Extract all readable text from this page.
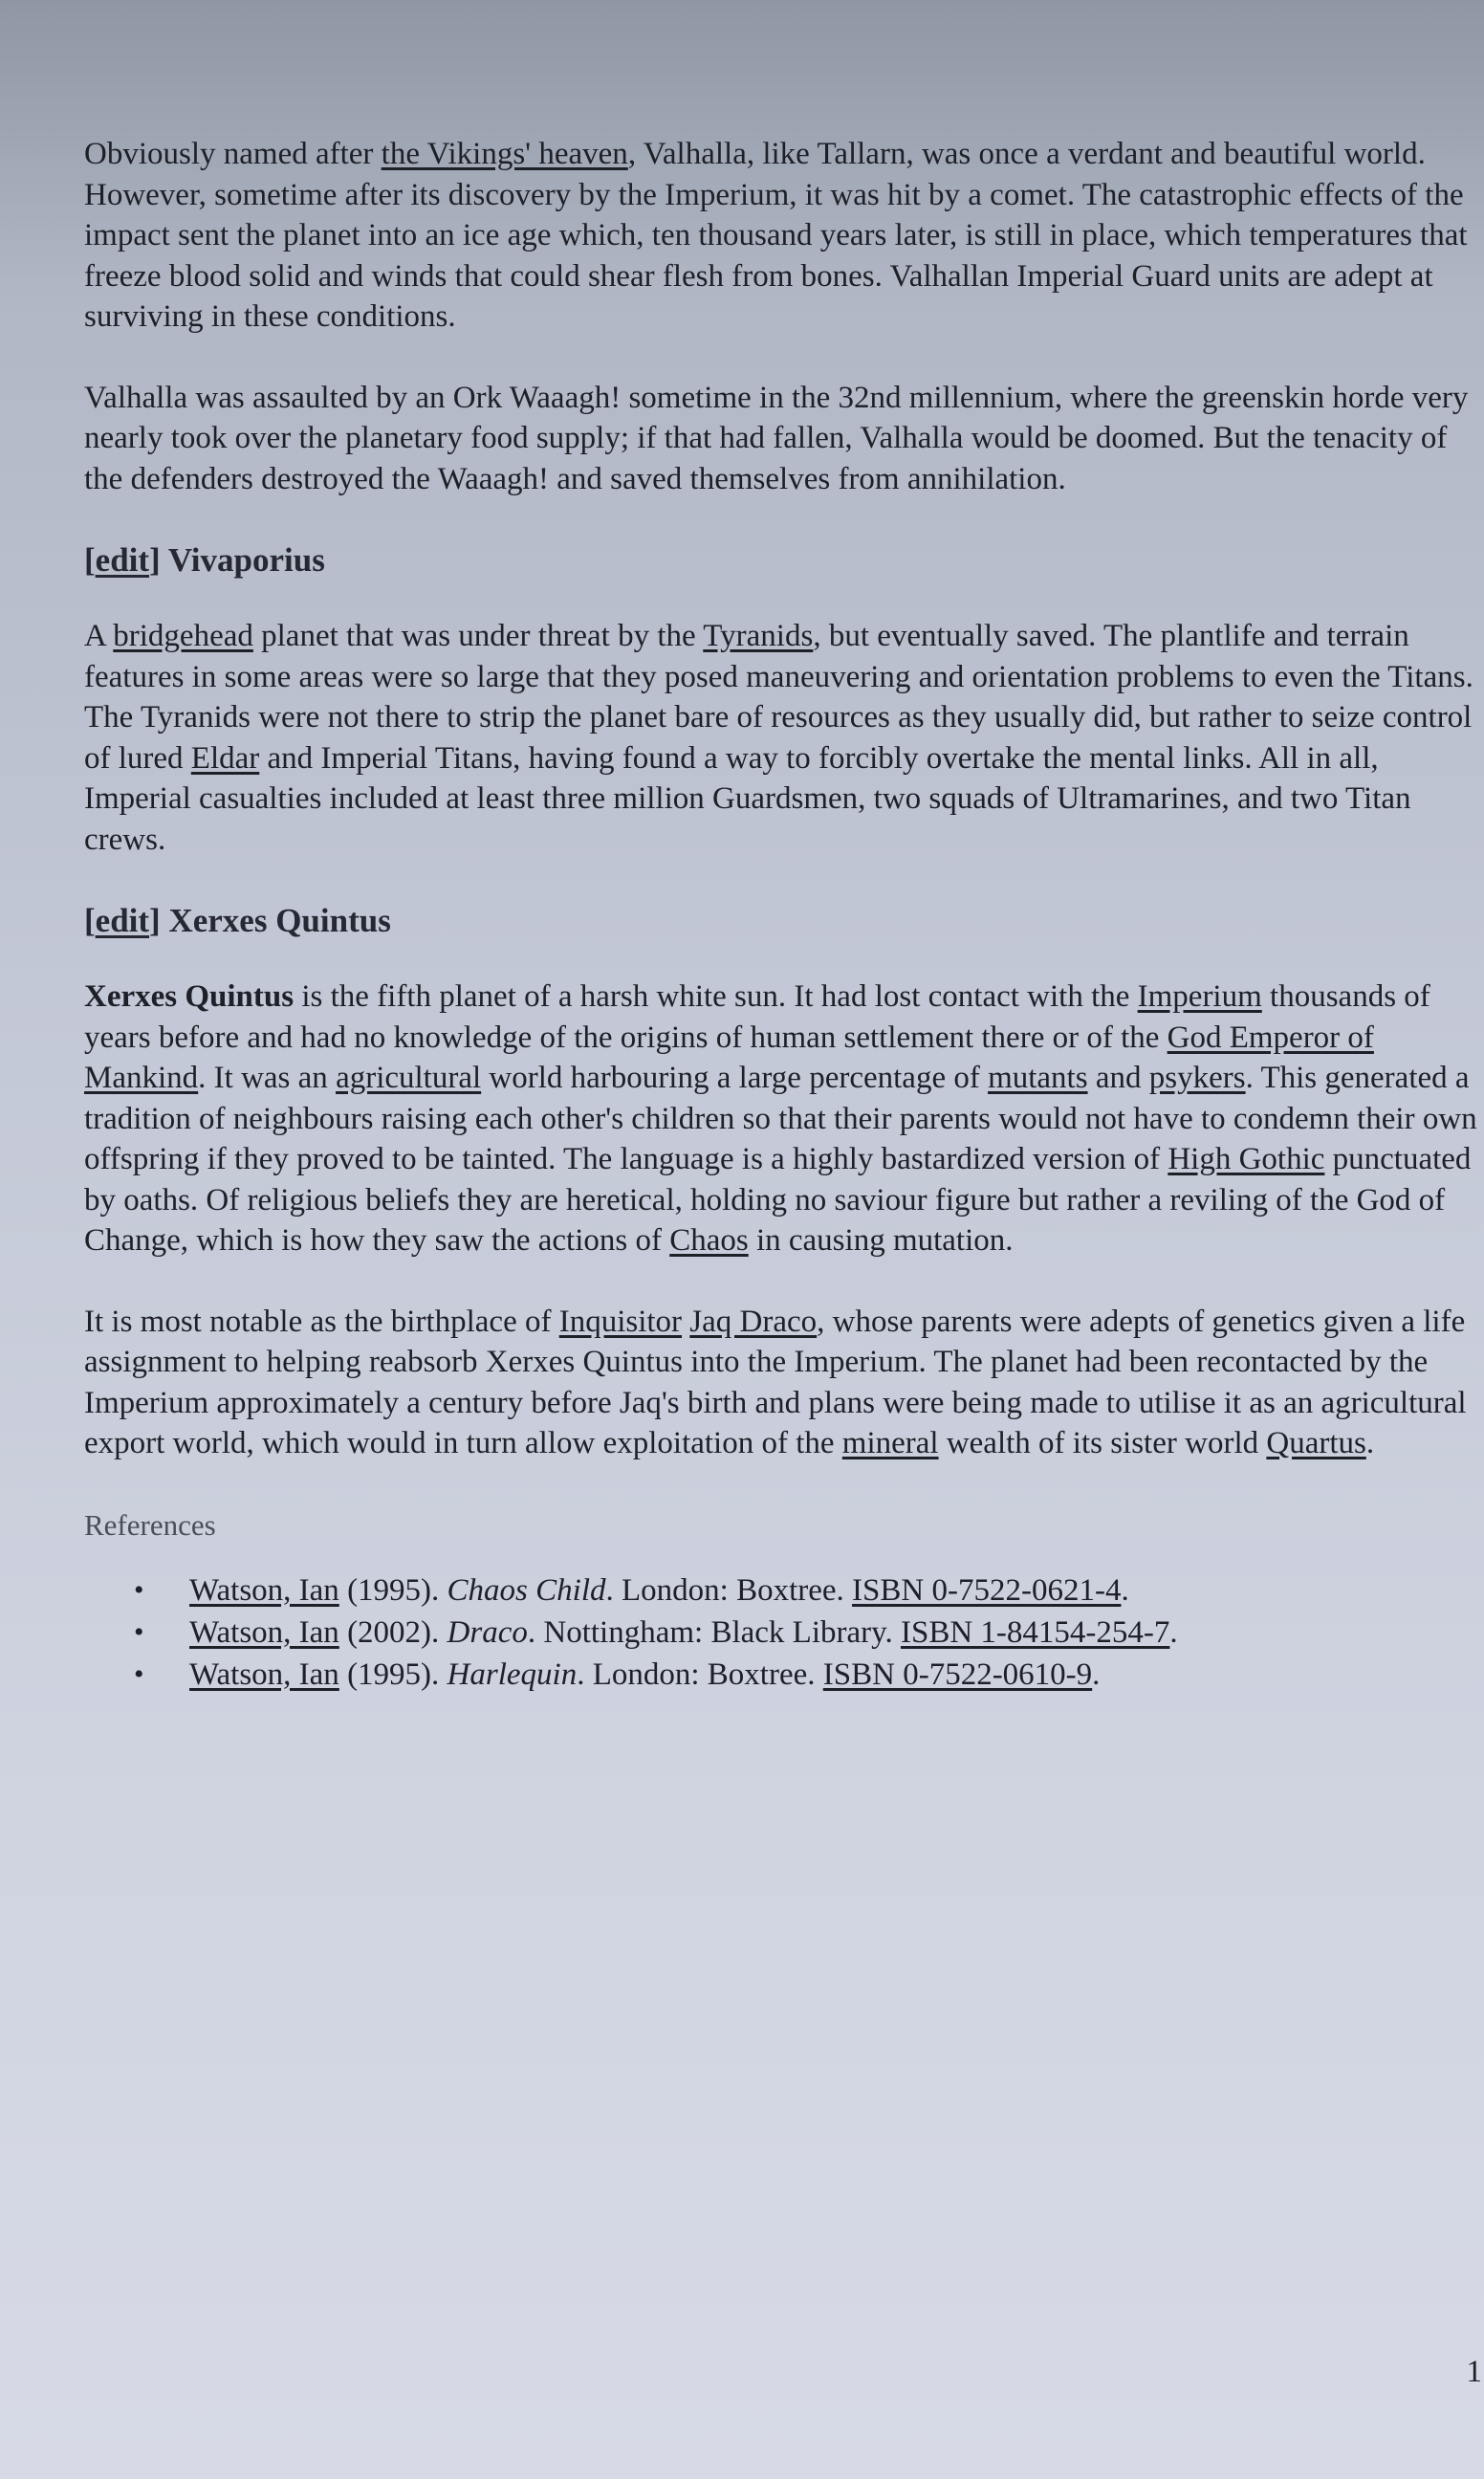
Obviously named after the Vikings' heaven, Valhalla, like Tallarn, was once a verdant and beautiful world. However, sometime after its discovery by the Imperium, it was hit by a comet. The catastrophic effects of the impact sent the planet into an ice age which, ten thousand years later, is still in place, which temperatures that freeze blood solid and winds that could shear flesh from bones. Valhallan Imperial Guard units are adept at surviving in these conditions.

Valhalla was assaulted by an Ork Waaagh! sometime in the 32nd millennium, where the greenskin horde very nearly took over the planetary food supply; if that had fallen, Valhalla would be doomed. But the tenacity of the defenders destroyed the Waaagh! and saved themselves from annihilation.

[edit] Vivaporius

A bridgehead planet that was under threat by the Tyranids, but eventually saved. The plantlife and terrain features in some areas were so large that they posed maneuvering and orientation problems to even the Titans. The Tyranids were not there to strip the planet bare of resources as they usually did, but rather to seize control of lured Eldar and Imperial Titans, having found a way to forcibly overtake the mental links. All in all, Imperial casualties included at least three million Guardsmen, two squads of Ultramarines, and two Titan crews.

[edit] Xerxes Quintus

Xerxes Quintus is the fifth planet of a harsh white sun. It had lost contact with the Imperium thousands of years before and had no knowledge of the origins of human settlement there or of the God Emperor of Mankind. It was an agricultural world harbouring a large percentage of mutants and psykers. This generated a tradition of neighbours raising each other's children so that their parents would not have to condemn their own offspring if they proved to be tainted. The language is a highly bastardized version of High Gothic punctuated by oaths. Of religious beliefs they are heretical, holding no saviour figure but rather a reviling of the God of Change, which is how they saw the actions of Chaos in causing mutation.

It is most notable as the birthplace of Inquisitor Jaq Draco, whose parents were adepts of genetics given a life assignment to helping reabsorb Xerxes Quintus into the Imperium. The planet had been recontacted by the Imperium approximately a century before Jaq's birth and plans were being made to utilise it as an agricultural export world, which would in turn allow exploitation of the mineral wealth of its sister world Quartus.

References

• Watson, Ian (1995). Chaos Child. London: Boxtree. ISBN 0-7522-0621-4.
• Watson, Ian (2002). Draco. Nottingham: Black Library. ISBN 1-84154-254-7.
• Watson, Ian (1995). Harlequin. London: Boxtree. ISBN 0-7522-0610-9.
1
